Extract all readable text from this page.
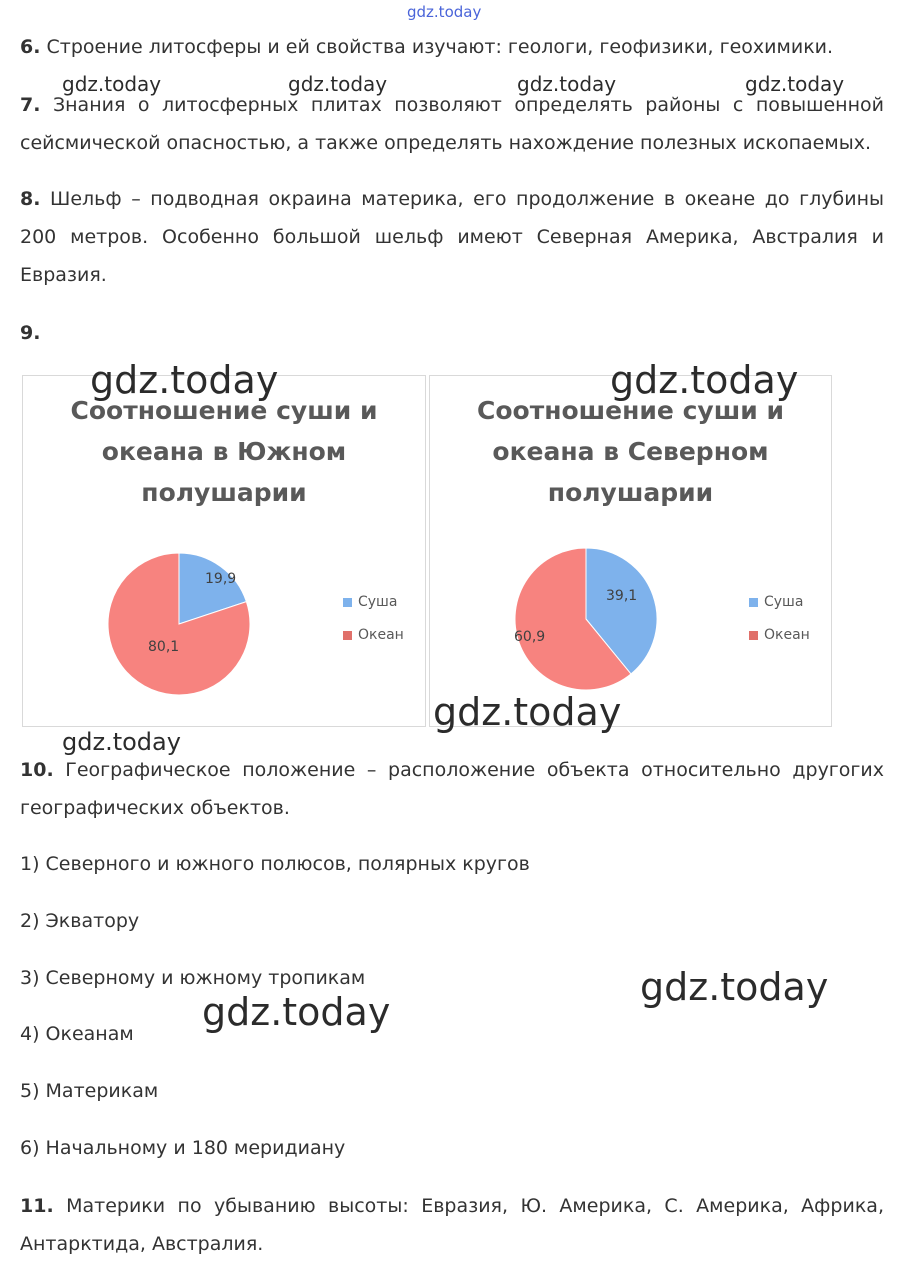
gdz.today
gdz.today	gdz.today	gdz.today	gdz.today

6. Строение литосферы и ей свойства изучают: геологи, геофизики, геохимики.

7. Знания о литосферных плитах позволяют определять районы с повышенной сейсмической опасностью, а также определять нахождение полезных ископаемых.

8. Шельф – подводная окраина материка, его продолжение в океане до глубины 200 метров. Особенно большой шельф имеют Северная Америка, Австралия и Евразия.

9.

Соотношение суши и
океана в Южном
полушарии
19,9
80,1
Суша
Океан
Соотношение суши и
океана в Северном
полушарии
39,1
60,9
Суша
Океан
gdz.today	gdz.today
gdz.today
gdz.today

10. Географическое положение – расположение объекта относительно другогих географических объектов.

1) Северного и южного полюсов, полярных кругов

2) Экватору

3) Северному и южному тропикам

4) Океанам

5) Материкам

6) Начальному и 180 меридиану

gdz.today
gdz.today

11. Материки по убыванию высоты: Евразия, Ю. Америка, С. Америка, Африка, Антарктида, Австралия.
